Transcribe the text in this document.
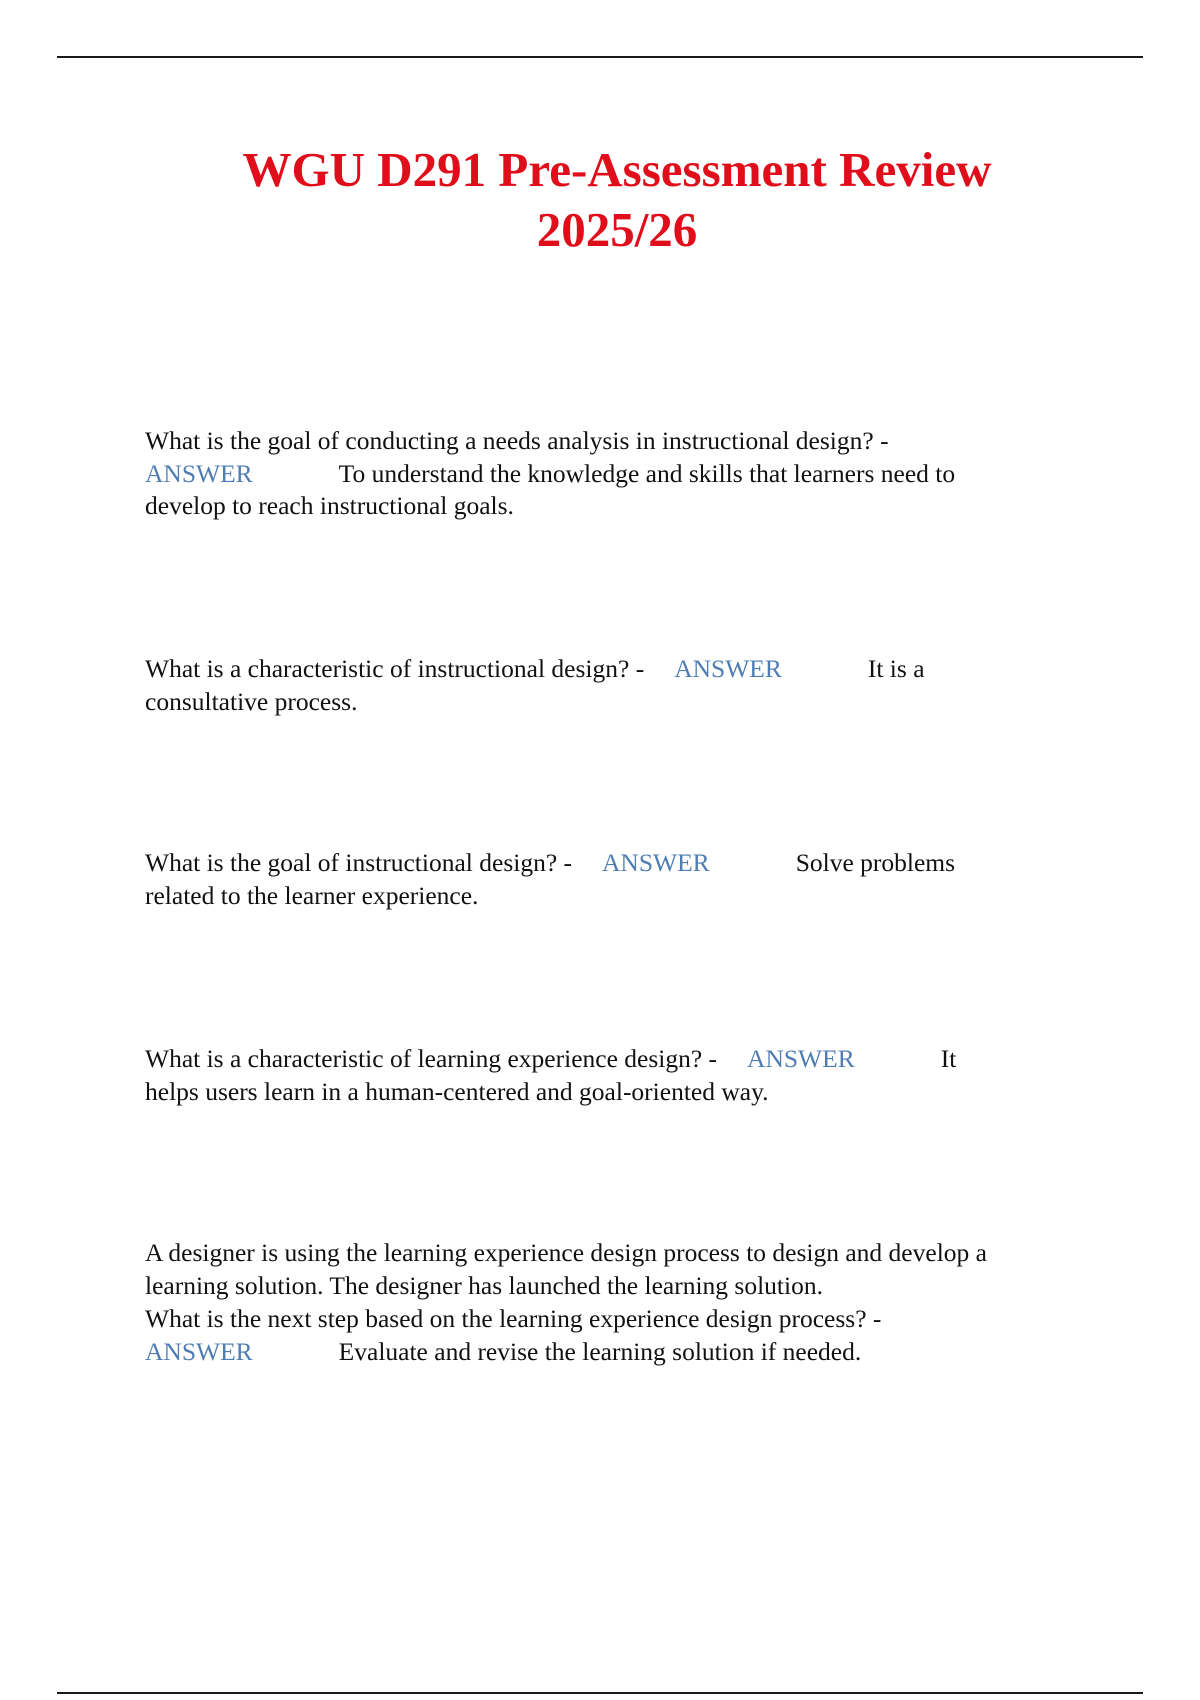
WGU D291 Pre-Assessment Review
2025/26
What is the goal of conducting a needs analysis in instructional design? -
ANSWER	To understand the knowledge and skills that learners need to
develop to reach instructional goals.
What is a characteristic of instructional design? - ANSWER	It is a
consultative process.
What is the goal of instructional design? - ANSWER	Solve problems
related to the learner experience.
What is a characteristic of learning experience design? - ANSWER	It
helps users learn in a human-centered and goal-oriented way.
A designer is using the learning experience design process to design and develop a
learning solution. The designer has launched the learning solution.
What is the next step based on the learning experience design process? -
ANSWER	Evaluate and revise the learning solution if needed.
